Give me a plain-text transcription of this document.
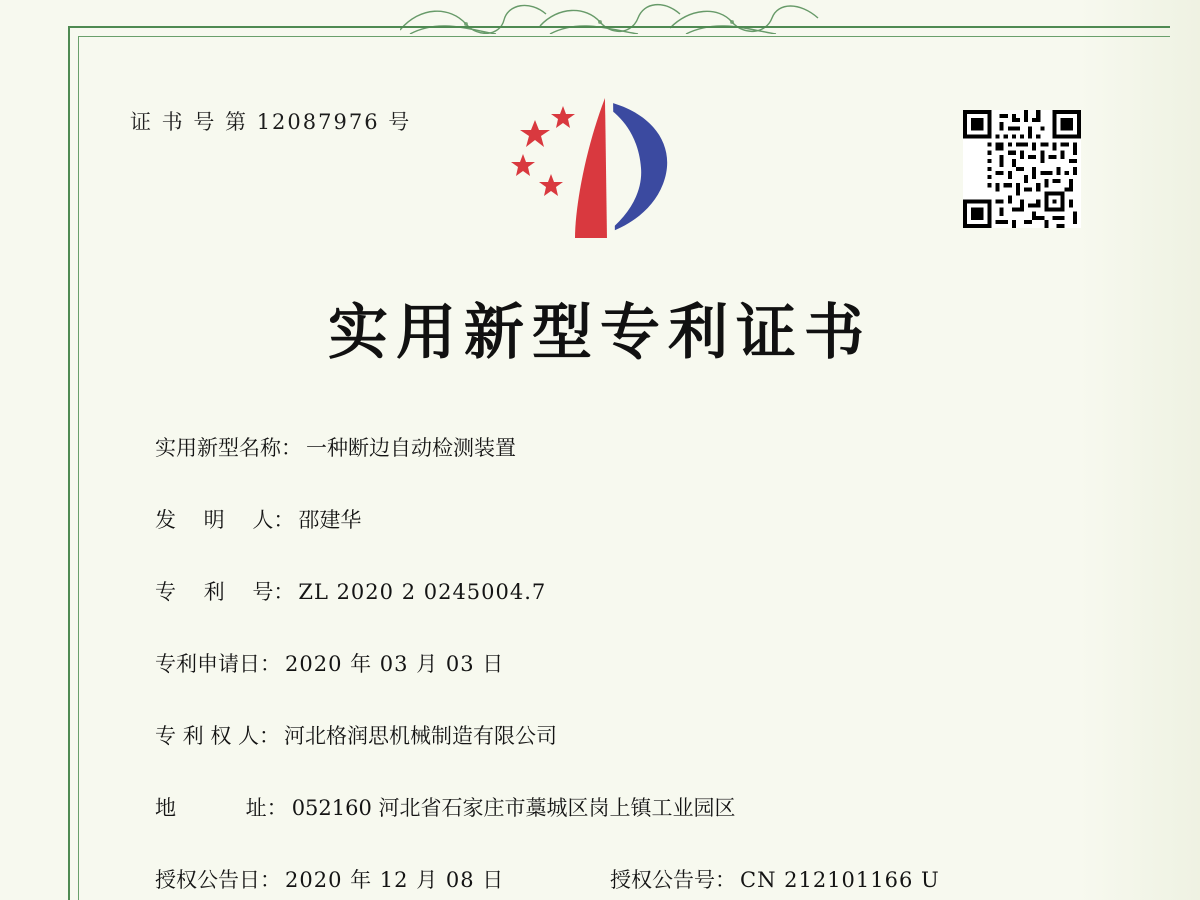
证 书 号 第 12087976 号
实用新型专利证书
实用新型名称： 一种断边自动检测装置
发　 明　 人： 邵建华
专　 利　 号： ZL 2020 2 0245004.7
专利申请日： 2020 年 03 月 03 日
专 利 权 人： 河北格润思机械制造有限公司
地　　　 址： 052160 河北省石家庄市藁城区岗上镇工业园区
授权公告日： 2020 年 12 月 08 日	授权公告号： CN 212101166 U
